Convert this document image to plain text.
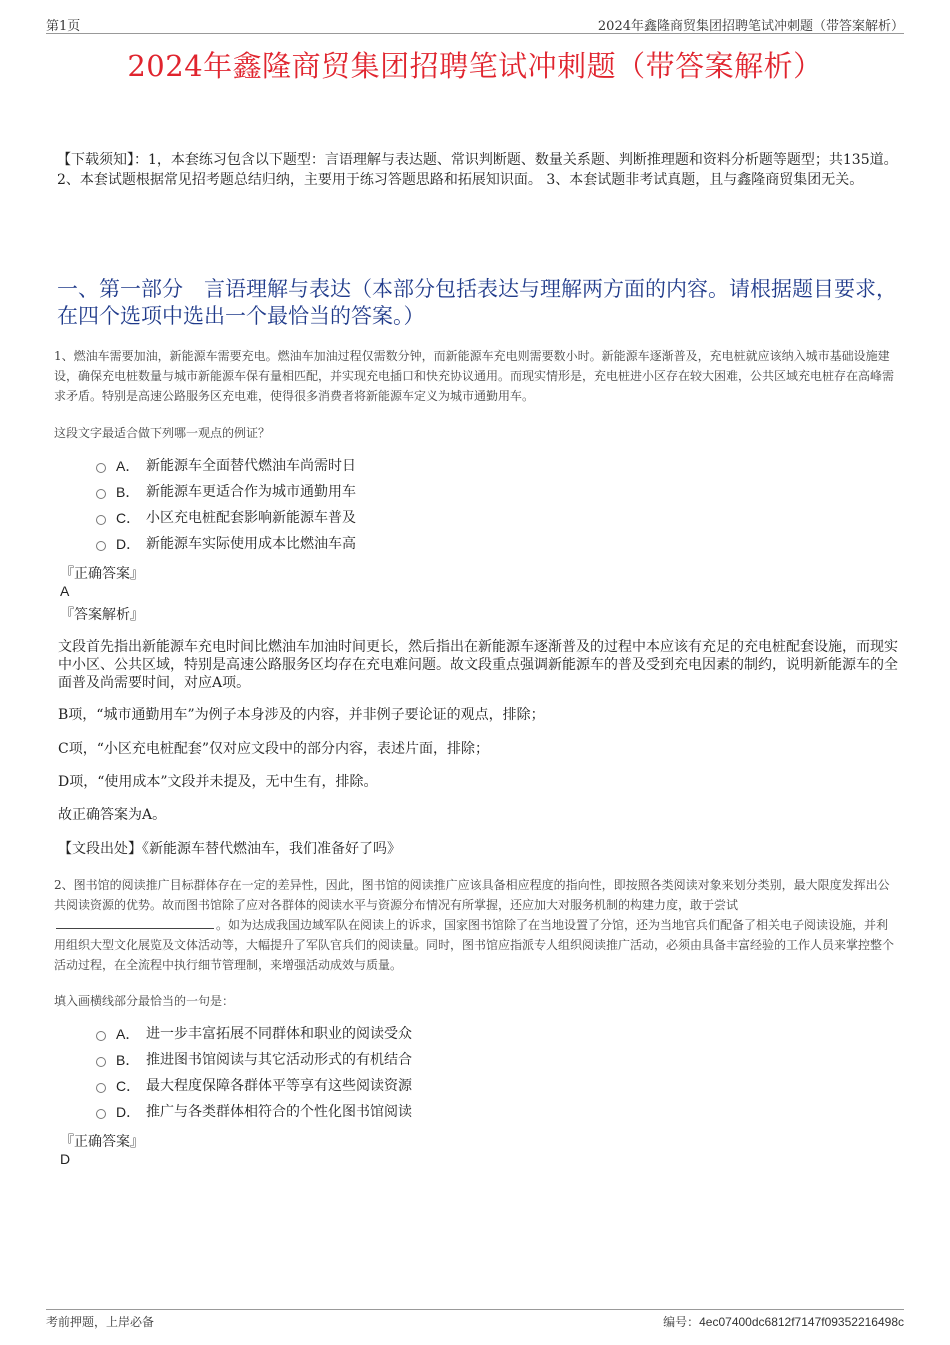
第1页	2024年鑫隆商贸集团招聘笔试冲刺题（带答案解析）
2024年鑫隆商贸集团招聘笔试冲刺题（带答案解析）
【下载须知】：1，本套练习包含以下题型：言语理解与表达题、常识判断题、数量关系题、判断推理题和资料分析题等题型；共135道。 2、本套试题根据常见招考题总结归纳，主要用于练习答题思路和拓展知识面。 3、本套试题非考试真题，且与鑫隆商贸集团无关。
一、第一部分　言语理解与表达（本部分包括表达与理解两方面的内容。请根据题目要求，在四个选项中选出一个最恰当的答案。）
1、燃油车需要加油，新能源车需要充电。燃油车加油过程仅需数分钟，而新能源车充电则需要数小时。新能源车逐渐普及，充电桩就应该纳入城市基础设施建设，确保充电桩数量与城市新能源车保有量相匹配，并实现充电插口和快充协议通用。而现实情形是，充电桩进小区存在较大困难，公共区域充电桩存在高峰需求矛盾。特别是高速公路服务区充电难，使得很多消费者将新能源车定义为城市通勤用车。
这段文字最适合做下列哪一观点的例证？
A． 新能源车全面替代燃油车尚需时日
B． 新能源车更适合作为城市通勤用车
C． 小区充电桩配套影响新能源车普及
D． 新能源车实际使用成本比燃油车高
『正确答案』
A
『答案解析』
文段首先指出新能源车充电时间比燃油车加油时间更长，然后指出在新能源车逐渐普及的过程中本应该有充足的充电桩配套设施，而现实中小区、公共区域，特别是高速公路服务区均存在充电难问题。故文段重点强调新能源车的普及受到充电因素的制约，说明新能源车的全面普及尚需要时间，对应A项。
B项，“城市通勤用车”为例子本身涉及的内容，并非例子要论证的观点，排除；
C项，“小区充电桩配套”仅对应文段中的部分内容，表述片面，排除；
D项，“使用成本”文段并未提及，无中生有，排除。
故正确答案为A。
【文段出处】《新能源车替代燃油车，我们准备好了吗》
2、图书馆的阅读推广目标群体存在一定的差异性，因此，图书馆的阅读推广应该具备相应程度的指向性，即按照各类阅读对象来划分类别，最大限度发挥出公共阅读资源的优势。故而图书馆除了应对各群体的阅读水平与资源分布情况有所掌握，还应加大对服务机制的构建力度，敢于尝试。如为达成我国边域军队在阅读上的诉求，国家图书馆除了在当地设置了分馆，还为当地官兵们配备了相关电子阅读设施，并利用组织大型文化展览及文体活动等，大幅提升了军队官兵们的阅读量。同时，图书馆应指派专人组织阅读推广活动，必须由具备丰富经验的工作人员来掌控整个活动过程，在全流程中执行细节管理制，来增强活动成效与质量。
填入画横线部分最恰当的一句是：
A． 进一步丰富拓展不同群体和职业的阅读受众
B． 推进图书馆阅读与其它活动形式的有机结合
C． 最大程度保障各群体平等享有这些阅读资源
D． 推广与各类群体相符合的个性化图书馆阅读
『正确答案』
D
考前押题，上岸必备	编号：4ec07400dc6812f7147f09352216498c
